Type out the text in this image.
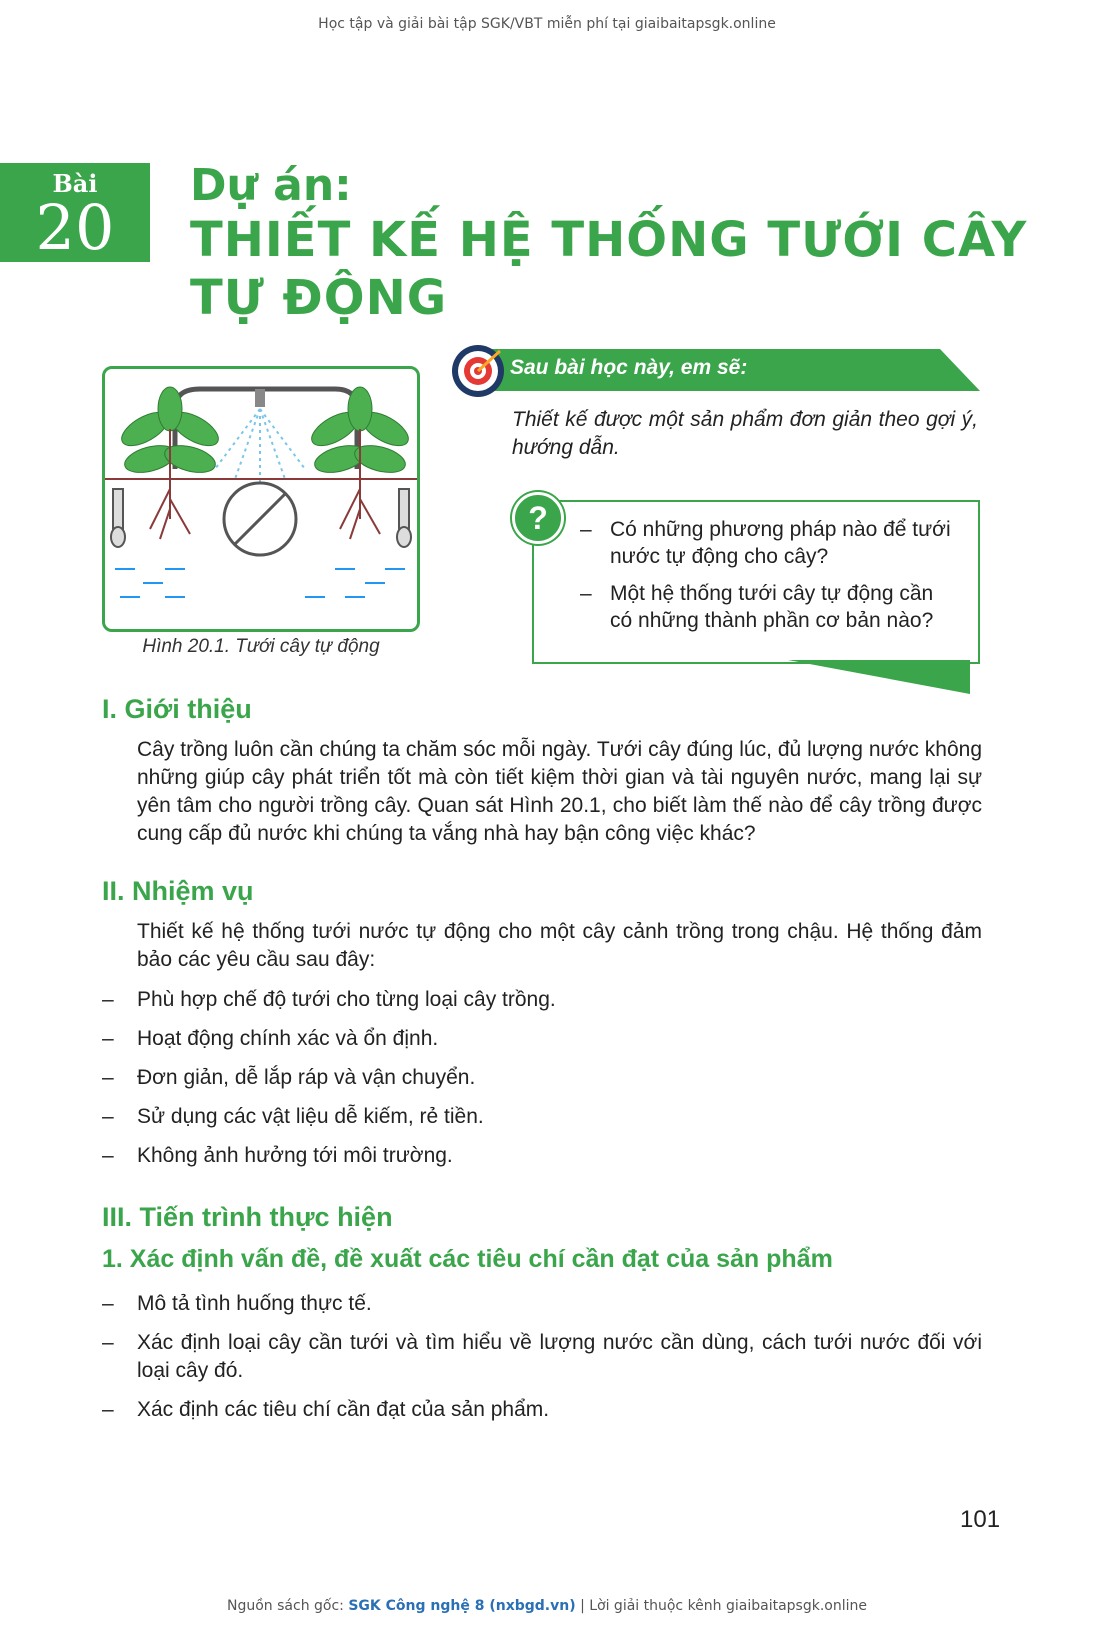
Học tập và giải bài tập SGK/VBT miễn phí tại giaibaitapsgk.online
Bài
20
Dự án:
THIẾT KẾ HỆ THỐNG TƯỚI CÂY
TỰ ĐỘNG
Hình 20.1. Tưới cây tự động
Sau bài học này, em sẽ:
Thiết kế được một sản phẩm đơn giản theo gợi ý, hướng dẫn.
?	– Có những phương pháp nào để tưới nước tự động cho cây?
– Một hệ thống tưới cây tự động cần có những thành phần cơ bản nào?
I. Giới thiệu
Cây trồng luôn cần chúng ta chăm sóc mỗi ngày. Tưới cây đúng lúc, đủ lượng nước không những giúp cây phát triển tốt mà còn tiết kiệm thời gian và tài nguyên nước, mang lại sự yên tâm cho người trồng cây. Quan sát Hình 20.1, cho biết làm thế nào để cây trồng được cung cấp đủ nước khi chúng ta vắng nhà hay bận công việc khác?
II. Nhiệm vụ
Thiết kế hệ thống tưới nước tự động cho một cây cảnh trồng trong chậu. Hệ thống đảm bảo các yêu cầu sau đây:
– Phù hợp chế độ tưới cho từng loại cây trồng.
– Hoạt động chính xác và ổn định.
– Đơn giản, dễ lắp ráp và vận chuyển.
– Sử dụng các vật liệu dễ kiếm, rẻ tiền.
– Không ảnh hưởng tới môi trường.
III. Tiến trình thực hiện
1. Xác định vấn đề, đề xuất các tiêu chí cần đạt của sản phẩm
– Mô tả tình huống thực tế.
– Xác định loại cây cần tưới và tìm hiểu về lượng nước cần dùng, cách tưới nước đối với loại cây đó.
– Xác định các tiêu chí cần đạt của sản phẩm.
101
Nguồn sách gốc: SGK Công nghệ 8 (nxbgd.vn) | Lời giải thuộc kênh giaibaitapsgk.online
